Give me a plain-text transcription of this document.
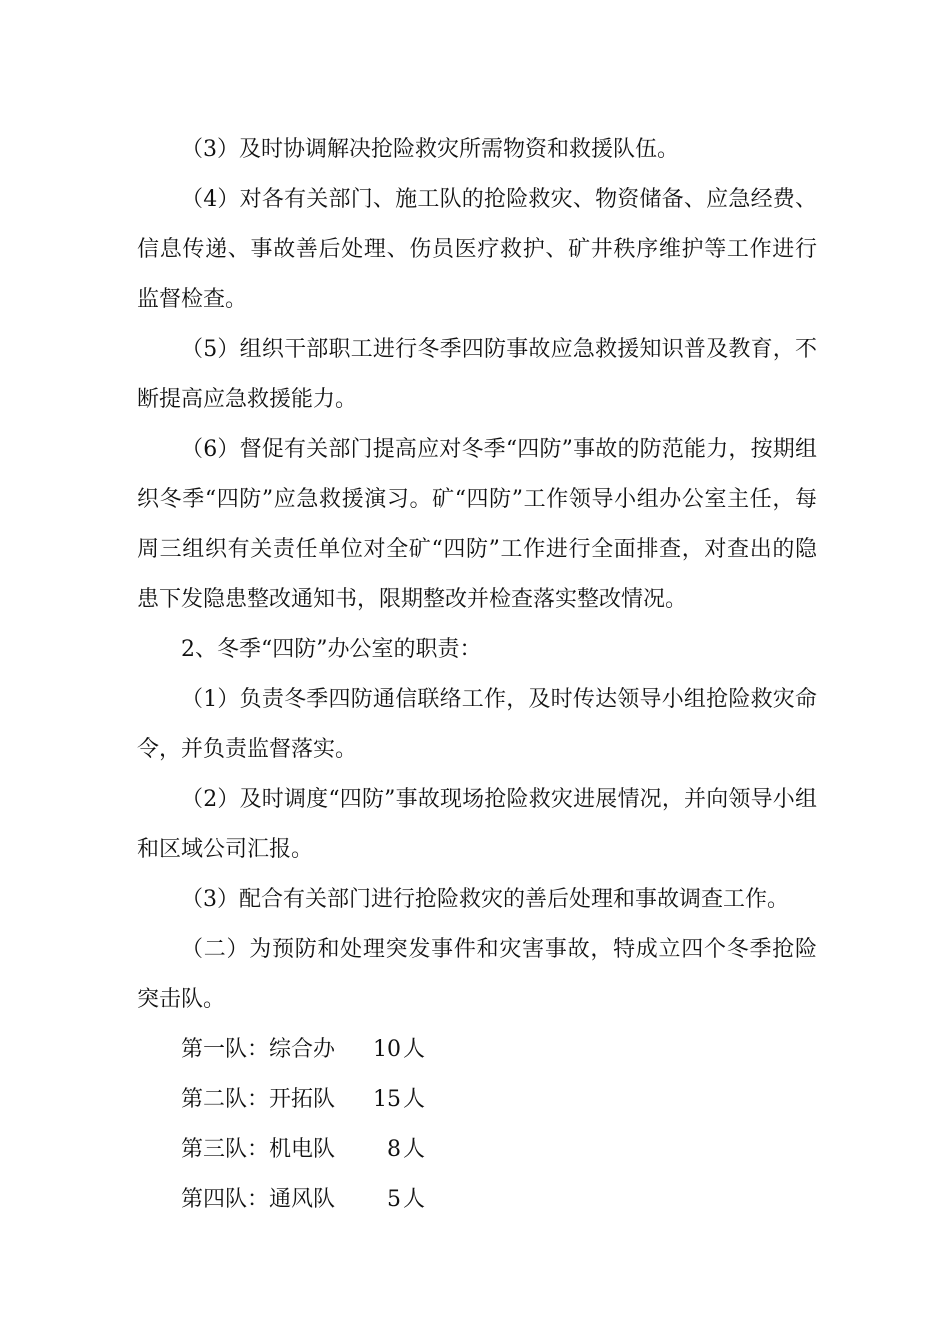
（3）及时协调解决抢险救灾所需物资和救援队伍。

（4）对各有关部门、施工队的抢险救灾、物资储备、应急经费、信息传递、事故善后处理、伤员医疗救护、矿井秩序维护等工作进行监督检查。

（5）组织干部职工进行冬季四防事故应急救援知识普及教育，不断提高应急救援能力。

（6）督促有关部门提高应对冬季“四防”事故的防范能力，按期组织冬季“四防”应急救援演习。矿“四防”工作领导小组办公室主任，每周三组织有关责任单位对全矿“四防”工作进行全面排查，对查出的隐患下发隐患整改通知书，限期整改并检查落实整改情况。

2、冬季“四防”办公室的职责：

（1）负责冬季四防通信联络工作，及时传达领导小组抢险救灾命令，并负责监督落实。

（2）及时调度“四防”事故现场抢险救灾进展情况，并向领导小组和区域公司汇报。

（3）配合有关部门进行抢险救灾的善后处理和事故调查工作。

（二）为预防和处理突发事件和灾害事故，特成立四个冬季抢险突击队。

第一队：综合办	10 人
第二队：开拓队	15 人
第三队：机电队	8 人
第四队：通风队	5 人
